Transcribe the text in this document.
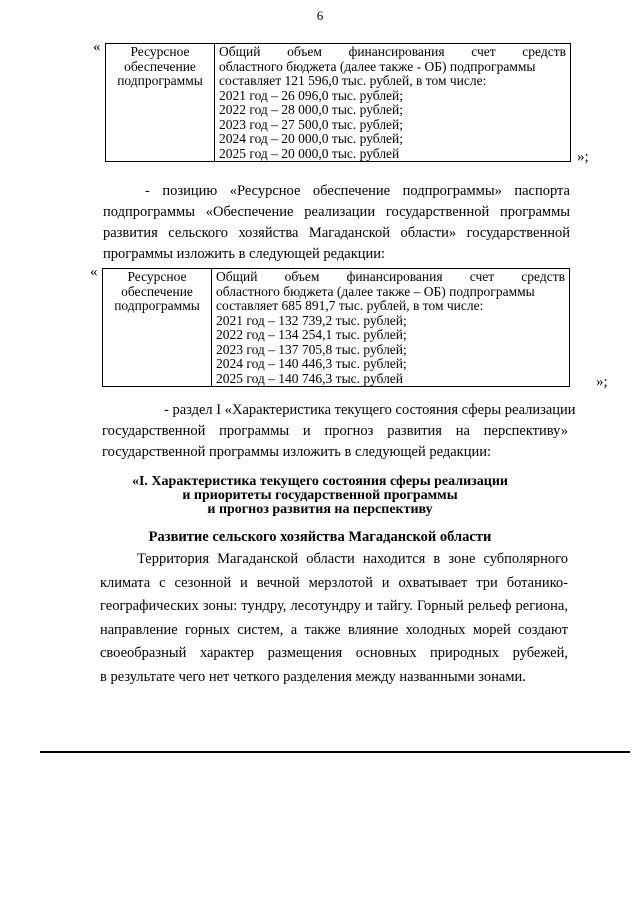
6
«	Ресурсное
обеспечение
подпрограммы

Общий объем финансирования счет средств
областного бюджета (далее также - ОБ) подпрограммы
составляет 121 596,0 тыс. рублей, в том числе:
2021 год – 26 096,0 тыс. рублей;
2022 год – 28 000,0 тыс. рублей;
2023 год – 27 500,0 тыс. рублей;
2024 год – 20 000,0 тыс. рублей;
2025 год – 20 000,0 тыс. рублей	»;
- позицию «Ресурсное обеспечение подпрограммы» паспорта
подпрограммы «Обеспечение реализации государственной программы
развития сельского хозяйства Магаданской области» государственной
программы изложить в следующей редакции:
«	Ресурсное
обеспечение
подпрограммы

Общий объем финансирования счет средств
областного бюджета (далее также – ОБ) подпрограммы
составляет 685 891,7 тыс. рублей, в том числе:
2021 год – 132 739,2 тыс. рублей;
2022 год – 134 254,1 тыс. рублей;
2023 год – 137 705,8 тыс. рублей;
2024 год – 140 446,3 тыс. рублей;
2025 год – 140 746,3 тыс. рублей	»;
- раздел I «Характеристика текущего состояния сферы реализации
государственной программы и прогноз развития на перспективу»
государственной программы изложить в следующей редакции:
«I. Характеристика текущего состояния сферы реализации
и приоритеты государственной программы
и прогноз развития на перспективу
Развитие сельского хозяйства Магаданской области
Территория Магаданской области находится в зоне субполярного
климата с сезонной и вечной мерзлотой и охватывает три ботанико-
географических зоны: тундру, лесотундру и тайгу. Горный рельеф региона,
направление горных систем, а также влияние холодных морей создают
своеобразный характер размещения основных природных рубежей,
в результате чего нет четкого разделения между названными зонами.
